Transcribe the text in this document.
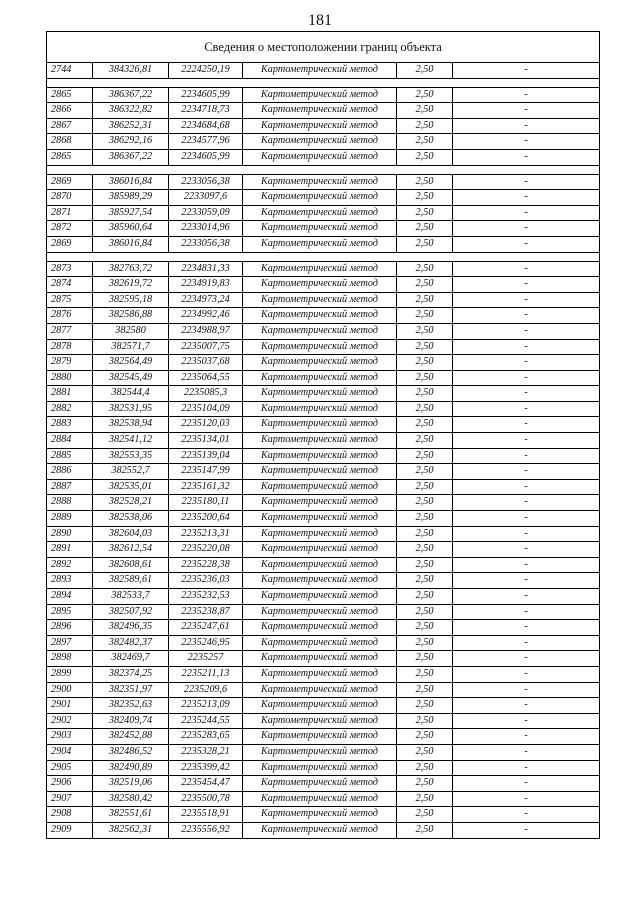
181
Сведения о местоположении границ объекта					
2744	384326,81	2224250,19	Картометрический метод	2,50	-

2865	386367,22	2234605,99	Картометрический метод	2,50	-
2866	386322,82	2234718,73	Картометрический метод	2,50	-
2867	386252,31	2234684,68	Картометрический метод	2,50	-
2868	386292,16	2234577,96	Картометрический метод	2,50	-
2865	386367,22	2234605,99	Картометрический метод	2,50	-

2869	386016,84	2233056,38	Картометрический метод	2,50	-
2870	385989,29	2233097,6	Картометрический метод	2,50	-
2871	385927,54	2233059,09	Картометрический метод	2,50	-
2872	385960,64	2233014,96	Картометрический метод	2,50	-
2869	386016,84	2233056,38	Картометрический метод	2,50	-

2873	382763,72	2234831,33	Картометрический метод	2,50	-
2874	382619,72	2234919,83	Картометрический метод	2,50	-
2875	382595,18	2234973,24	Картометрический метод	2,50	-
2876	382586,88	2234992,46	Картометрический метод	2,50	-
2877	382580	2234988,97	Картометрический метод	2,50	-
2878	382571,7	2235007,75	Картометрический метод	2,50	-
2879	382564,49	2235037,68	Картометрический метод	2,50	-
2880	382545,49	2235064,55	Картометрический метод	2,50	-
2881	382544,4	2235085,3	Картометрический метод	2,50	-
2882	382531,95	2235104,09	Картометрический метод	2,50	-
2883	382538,94	2235120,03	Картометрический метод	2,50	-
2884	382541,12	2235134,01	Картометрический метод	2,50	-
2885	382553,35	2235139,04	Картометрический метод	2,50	-
2886	382552,7	2235147,99	Картометрический метод	2,50	-
2887	382535,01	2235161,32	Картометрический метод	2,50	-
2888	382528,21	2235180,11	Картометрический метод	2,50	-
2889	382538,06	2235200,64	Картометрический метод	2,50	-
2890	382604,03	2235213,31	Картометрический метод	2,50	-
2891	382612,54	2235220,08	Картометрический метод	2,50	-
2892	382608,61	2235228,38	Картометрический метод	2,50	-
2893	382589,61	2235236,03	Картометрический метод	2,50	-
2894	382533,7	2235232,53	Картометрический метод	2,50	-
2895	382507,92	2235238,87	Картометрический метод	2,50	-
2896	382496,35	2235247,61	Картометрический метод	2,50	-
2897	382482,37	2235246,95	Картометрический метод	2,50	-
2898	382469,7	2235257	Картометрический метод	2,50	-
2899	382374,25	2235211,13	Картометрический метод	2,50	-
2900	382351,97	2235209,6	Картометрический метод	2,50	-
2901	382352,63	2235213,09	Картометрический метод	2,50	-
2902	382409,74	2235244,55	Картометрический метод	2,50	-
2903	382452,88	2235283,65	Картометрический метод	2,50	-
2904	382486,52	2235328,21	Картометрический метод	2,50	-
2905	382490,89	2235399,42	Картометрический метод	2,50	-
2906	382519,06	2235454,47	Картометрический метод	2,50	-
2907	382580,42	2235500,78	Картометрический метод	2,50	-
2908	382551,61	2235518,91	Картометрический метод	2,50	-
2909	382562,31	2235556,92	Картометрический метод	2,50	-
